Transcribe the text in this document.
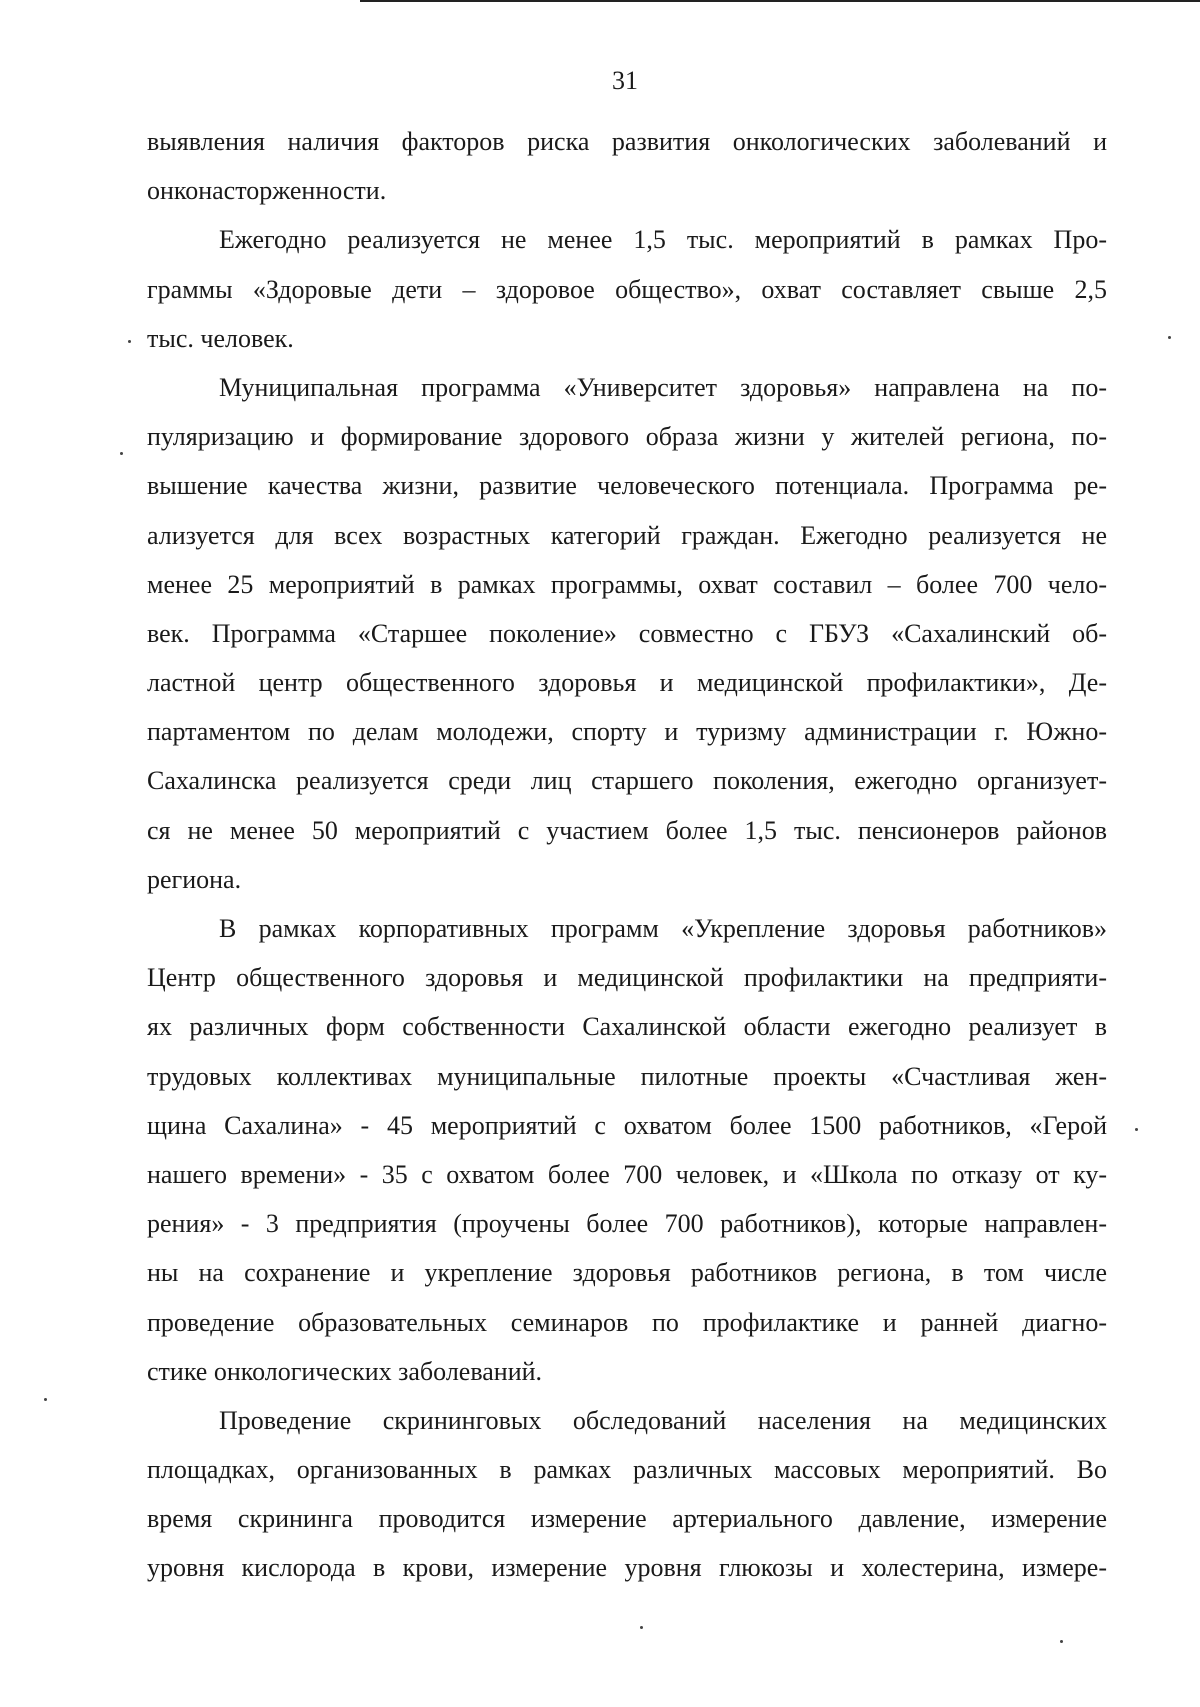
31
выявления наличия факторов риска развития онкологических заболеваний и
онконасторженности.
Ежегодно реализуется не менее 1,5 тыс. мероприятий в рамках Про-
граммы «Здоровые дети – здоровое общество», охват составляет свыше 2,5
тыс. человек.
Муниципальная программа «Университет здоровья» направлена на по-
пуляризацию и формирование здорового образа жизни у жителей региона, по-
вышение качества жизни, развитие человеческого потенциала. Программа ре-
ализуется для всех возрастных категорий граждан. Ежегодно реализуется не
менее 25 мероприятий в рамках программы, охват составил – более 700 чело-
век. Программа «Старшее поколение» совместно с ГБУЗ «Сахалинский об-
ластной центр общественного здоровья и медицинской профилактики», Де-
партаментом по делам молодежи, спорту и туризму администрации г. Южно-
Сахалинска реализуется среди лиц старшего поколения, ежегодно организует-
ся не менее 50 мероприятий с участием более 1,5 тыс. пенсионеров районов
региона.
В рамках корпоративных программ «Укрепление здоровья работников»
Центр общественного здоровья и медицинской профилактики на предприяти-
ях различных форм собственности Сахалинской области ежегодно реализует в
трудовых коллективах муниципальные пилотные проекты «Счастливая жен-
щина Сахалина» - 45 мероприятий с охватом более 1500 работников, «Герой
нашего времени» - 35 с охватом более 700 человек, и «Школа по отказу от ку-
рения» - 3 предприятия (проучены более 700 работников), которые направлен-
ны на сохранение и укрепление здоровья работников региона, в том числе
проведение образовательных семинаров по профилактике и ранней диагно-
стике онкологических заболеваний.
Проведение скрининговых обследований населения на медицинских
площадках, организованных в рамках различных массовых мероприятий. Во
время скрининга проводится измерение артериального давление, измерение
уровня кислорода в крови, измерение уровня глюкозы и холестерина, измере-
